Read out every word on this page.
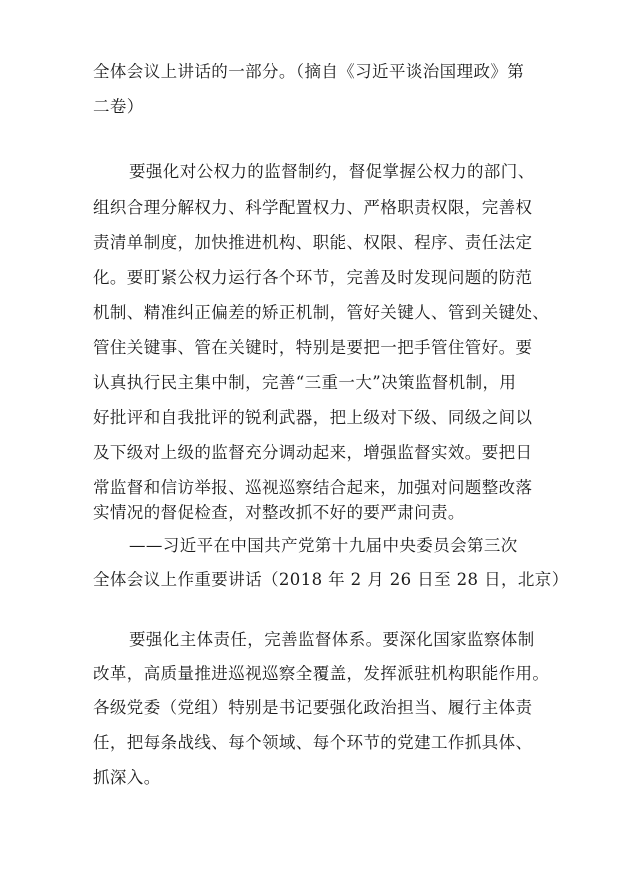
全体会议上讲话的一部分。（摘自《习近平谈治国理政》第
二卷）
要强化对公权力的监督制约，督促掌握公权力的部门、
组织合理分解权力、科学配置权力、严格职责权限，完善权
责清单制度，加快推进机构、职能、权限、程序、责任法定
化。要盯紧公权力运行各个环节，完善及时发现问题的防范
机制、精准纠正偏差的矫正机制，管好关键人、管到关键处、
管住关键事、管在关键时，特别是要把一把手管住管好。要
认真执行民主集中制，完善“三重一大”决策监督机制，用
好批评和自我批评的锐利武器，把上级对下级、同级之间以
及下级对上级的监督充分调动起来，增强监督实效。要把日
常监督和信访举报、巡视巡察结合起来，加强对问题整改落
实情况的督促检查，对整改抓不好的要严肃问责。
——习近平在中国共产党第十九届中央委员会第三次
全体会议上作重要讲话（2018 年 2 月 26 日至 28 日，北京）
要强化主体责任，完善监督体系。要深化国家监察体制
改革，高质量推进巡视巡察全覆盖，发挥派驻机构职能作用。
各级党委（党组）特别是书记要强化政治担当、履行主体责
任，把每条战线、每个领域、每个环节的党建工作抓具体、
抓深入。
